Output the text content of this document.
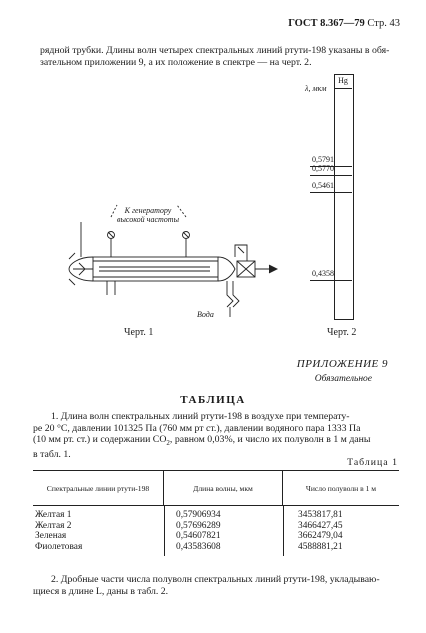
ГОСТ 8.367—79 Стр. 43
рядной трубки. Длины волн четырех спектральных линий ртути-198 указаны в обя-
зательном приложении 9, а их положение в спектре — на черт. 2.
К генератору
высокой частоты
Вода
Черт. 1
Hg
λ, мкм
0,5791
0,5770
0,5461
0,4358
Черт. 2
ПРИЛОЖЕНИЕ 9
Обязательное
ТАБЛИЦА
1. Длина волн спектральных линий ртути-198 в воздухе при температу-
ре 20 °С, давлении 101325 Па (760 мм рт ст.), давлении водяного пара 1333 Па
(10 мм рт. ст.) и содержании $CO_2$, равном 0,03%, и число их полуволн в 1 м даны
в табл. 1.
Таблица 1
Спектральные линии ртути-198	Длина волны, мкм	Число полуволн в 1 м
Желтая 1	0,57906934	3453817,81
Желтая 2	0,57696289	3466427,45
Зеленая	0,54607821	3662479,04
Фиолетовая	0,43583608	4588881,21
2. Дробные части числа полуволн спектральных линий ртути-198, укладываю-
щиеся в длине L, даны в табл. 2.
